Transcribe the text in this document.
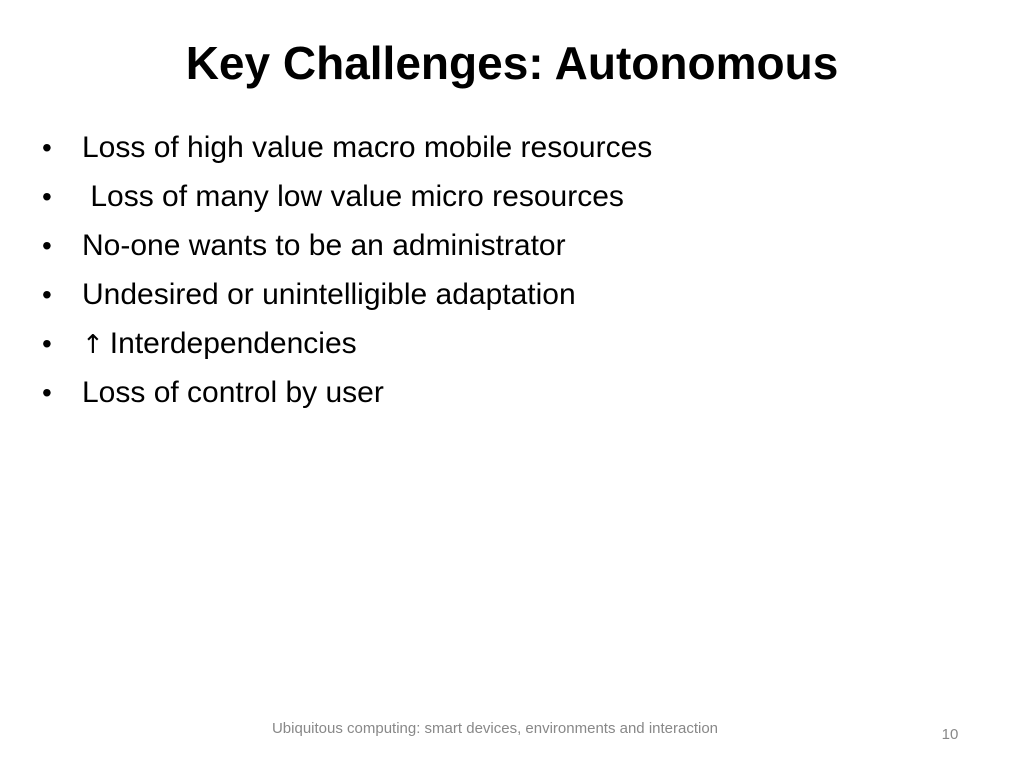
Key Challenges: Autonomous

•

	Loss of high value macro mobile resources

•

	Loss of many low value micro resources

•

	No-one wants to be an administrator

•

	Undesired or unintelligible adaptation

•

	↑ Interdependencies

•

	Loss of control by user

Ubiquitous computing: smart devices, environments and interaction	10
